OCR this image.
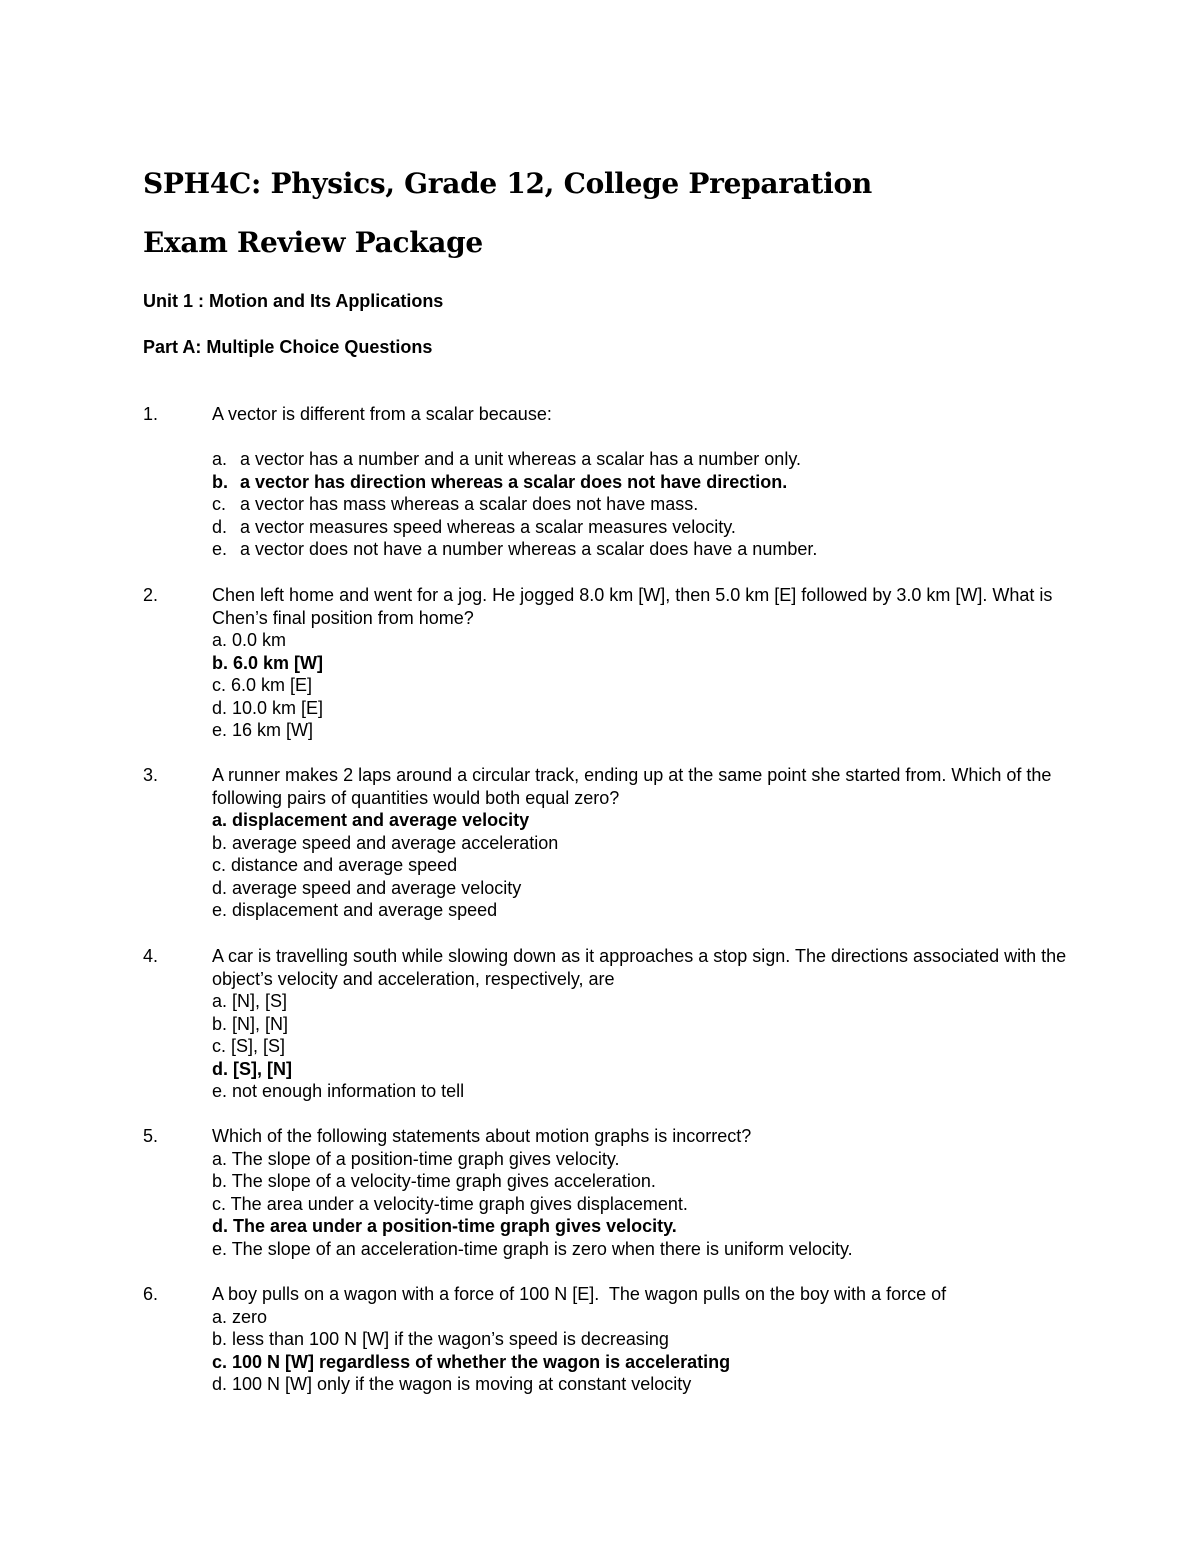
SPH4C: Physics, Grade 12, College Preparation
Exam Review Package
Unit 1 : Motion and Its Applications
Part A: Multiple Choice Questions
1.	A vector is different from a scalar because:
a. a vector has a number and a unit whereas a scalar has a number only.
b. a vector has direction whereas a scalar does not have direction.
c. a vector has mass whereas a scalar does not have mass.
d. a vector measures speed whereas a scalar measures velocity.
e. a vector does not have a number whereas a scalar does have a number.
2.	Chen left home and went for a jog. He jogged 8.0 km [W], then 5.0 km [E] followed by 3.0 km [W]. What is Chen’s final position from home?
a. 0.0 km
b. 6.0 km [W]
c. 6.0 km [E]
d. 10.0 km [E]
e. 16 km [W]
3.	A runner makes 2 laps around a circular track, ending up at the same point she started from. Which of the following pairs of quantities would both equal zero?
a. displacement and average velocity
b. average speed and average acceleration
c. distance and average speed
d. average speed and average velocity
e. displacement and average speed
4.	A car is travelling south while slowing down as it approaches a stop sign. The directions associated with the object’s velocity and acceleration, respectively, are
a. [N], [S]
b. [N], [N]
c. [S], [S]
d. [S], [N]
e. not enough information to tell
5.	Which of the following statements about motion graphs is incorrect?
a. The slope of a position-time graph gives velocity.
b. The slope of a velocity-time graph gives acceleration.
c. The area under a velocity-time graph gives displacement.
d. The area under a position-time graph gives velocity.
e. The slope of an acceleration-time graph is zero when there is uniform velocity.
6.	A boy pulls on a wagon with a force of 100 N [E].  The wagon pulls on the boy with a force of
a. zero
b. less than 100 N [W] if the wagon’s speed is decreasing
c. 100 N [W] regardless of whether the wagon is accelerating
d. 100 N [W] only if the wagon is moving at constant velocity
